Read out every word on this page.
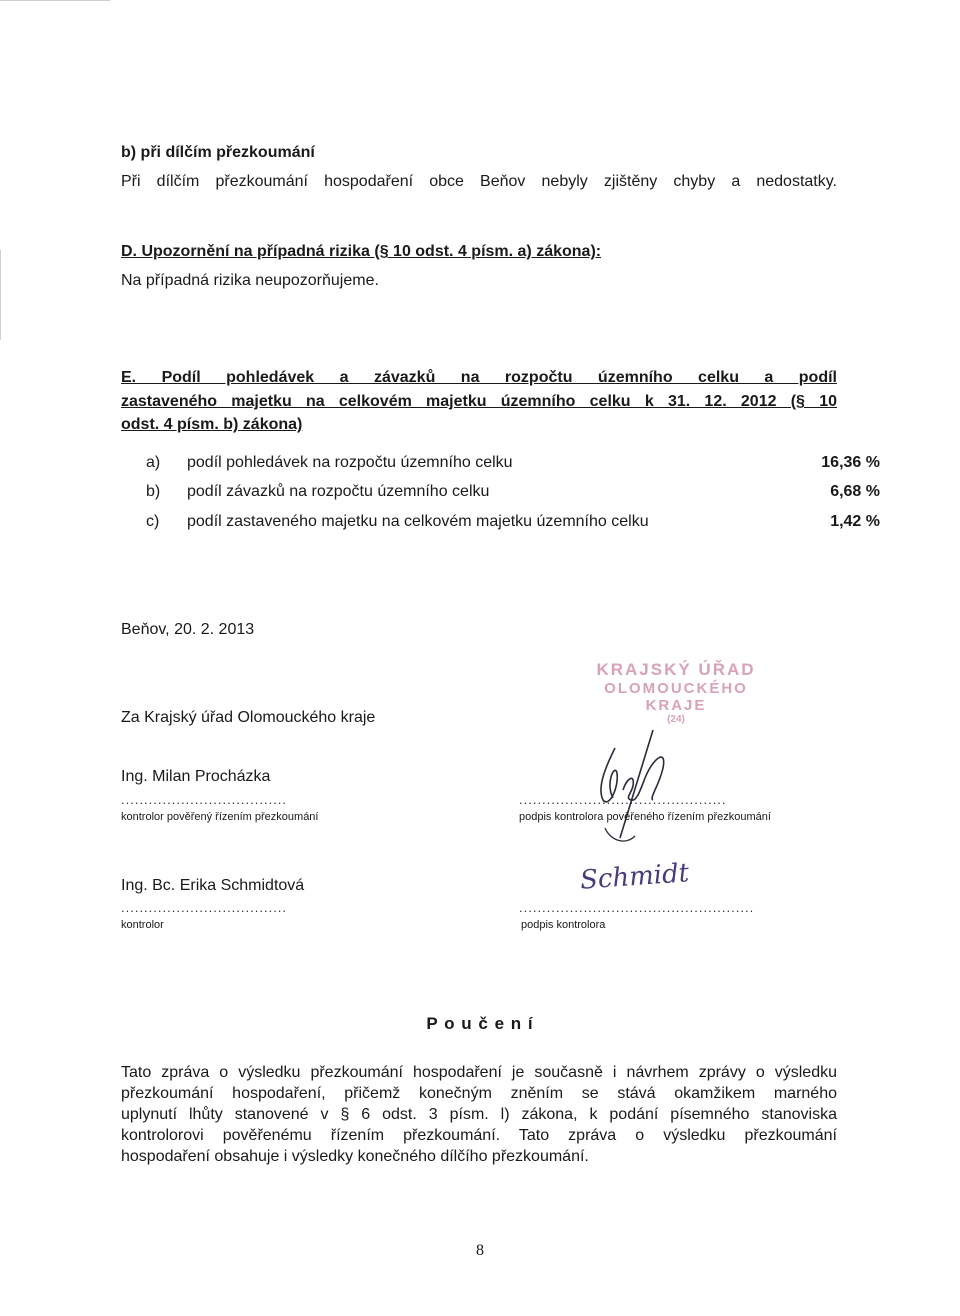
b) při dílčím přezkoumání
Při dílčím přezkoumání hospodaření obce Beňov nebyly zjištěny chyby a nedostatky.
D. Upozornění na případná rizika (§ 10 odst. 4 písm. a) zákona):
Na případná rizika neupozorňujeme.
E. Podíl pohledávek a závazků na rozpočtu územního celku a podíl
zastaveného majetku na celkovém majetku územního celku k 31. 12. 2012 (§ 10
odst. 4 písm. b) zákona)
a) podíl pohledávek na rozpočtu územního celku	16,36 %
b) podíl závazků na rozpočtu územního celku	6,68 %
c) podíl zastaveného majetku na celkovém majetku územního celku	1,42 %
Beňov, 20. 2. 2013
KRAJSKÝ ÚŘAD
OLOMOUCKÉHO KRAJE
(24)
Za Krajský úřad Olomouckého kraje
Ing. Milan Procházka
....................................
kontrolor pověřený řízením přezkoumání
.............................................
podpis kontrolora pověřeného řízením přezkoumání
Ing. Bc. Erika Schmidtová
....................................
kontrolor
Schmidt
...................................................
podpis kontrolora
P o u č e n í
Tato zpráva o výsledku přezkoumání hospodaření je současně i návrhem zprávy o výsledku
přezkoumání hospodaření, přičemž konečným zněním se stává okamžikem marného
uplynutí lhůty stanovené v § 6 odst. 3 písm. l) zákona, k podání písemného stanoviska
kontrolorovi pověřenému řízením přezkoumání. Tato zpráva o výsledku přezkoumání
hospodaření obsahuje i výsledky konečného dílčího přezkoumání.
8
